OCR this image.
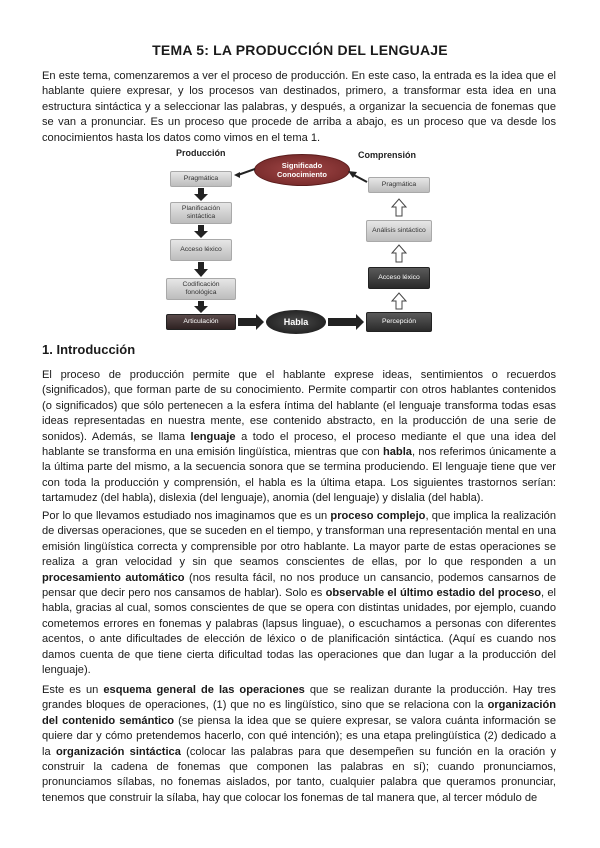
TEMA 5: LA PRODUCCIÓN DEL LENGUAJE

En este tema, comenzaremos a ver el proceso de producción. En este caso, la entrada es la idea que el hablante quiere expresar, y los procesos van destinados, primero, a transformar esta idea en una estructura sintáctica y a seleccionar las palabras, y después, a organizar la secuencia de fonemas que se van a pronunciar. Es un proceso que procede de arriba a abajo, es un proceso que va desde los conocimientos hasta los datos como vimos en el tema 1.

Producción	Comprensión
Significado
Conocimiento
Pragmática
Planificación sintáctica
Acceso léxico
Codificación fonológica
Articulación
Pragmática
Análisis sintáctico
Acceso léxico
Percepción
Habla
1. Introducción

El proceso de producción permite que el hablante exprese ideas, sentimientos o recuerdos (significados), que forman parte de su conocimiento. Permite compartir con otros hablantes contenidos (o significados) que sólo pertenecen a la esfera íntima del hablante (el lenguaje transforma todas esas ideas representadas en nuestra mente, ese contenido abstracto, en la producción de una serie de sonidos). Además, se llama lenguaje a todo el proceso, el proceso mediante el que una idea del hablante se transforma en una emisión lingüística, mientras que con habla, nos referimos únicamente a la última parte del mismo, a la secuencia sonora que se termina produciendo. El lenguaje tiene que ver con toda la producción y comprensión, el habla es la última etapa. Los siguientes trastornos serían: tartamudez (del habla), dislexia (del lenguaje), anomia (del lenguaje) y dislalia (del habla).

Por lo que llevamos estudiado nos imaginamos que es un proceso complejo, que implica la realización de diversas operaciones, que se suceden en el tiempo, y transforman una representación mental en una emisión lingüística correcta y comprensible por otro hablante. La mayor parte de estas operaciones se realiza a gran velocidad y sin que seamos conscientes de ellas, por lo que responden a un procesamiento automático (nos resulta fácil, no nos produce un cansancio, podemos cansarnos de pensar que decir pero nos cansamos de hablar). Solo es observable el último estadio del proceso, el habla, gracias al cual, somos conscientes de que se opera con distintas unidades, por ejemplo, cuando cometemos errores en fonemas y palabras (lapsus linguae), o escuchamos a personas con diferentes acentos, o ante dificultades de elección de léxico o de planificación sintáctica. (Aquí es cuando nos damos cuenta de que tiene cierta dificultad todas las operaciones que dan lugar a la producción del lenguaje).

Este es un esquema general de las operaciones que se realizan durante la producción. Hay tres grandes bloques de operaciones, (1) que no es lingüístico, sino que se relaciona con la organización del contenido semántico (se piensa la idea que se quiere expresar, se valora cuánta información se quiere dar y cómo pretendemos hacerlo, con qué intención); es una etapa prelingüística (2) dedicado a la organización sintáctica (colocar las palabras para que desempeñen su función en la oración y construir la cadena de fonemas que componen las palabras en sí); cuando pronunciamos, pronunciamos sílabas, no fonemas aislados, por tanto, cualquier palabra que queramos pronunciar, tenemos que construir la sílaba, hay que colocar los fonemas de tal manera que, al tercer módulo de
